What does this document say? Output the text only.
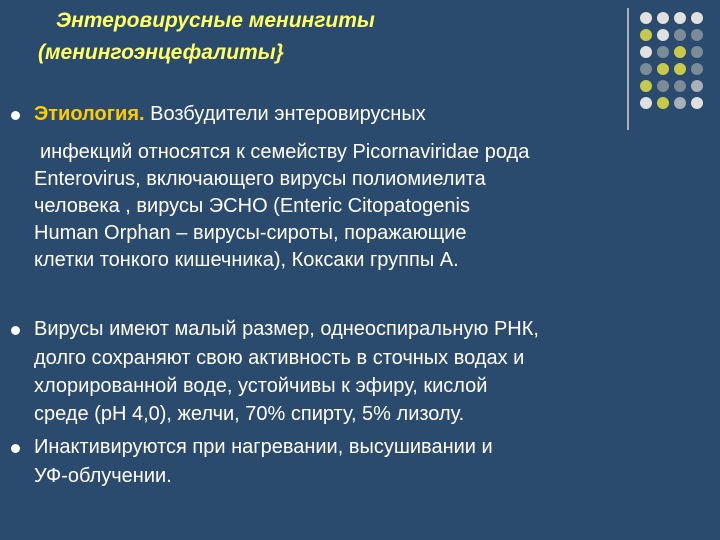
Энтеровирусные менингиты
(менингоэнцефалиты}
Этиология. Возбудители энтеровирусных
инфекций относятся к семейству Picornaviridae рода
Enterovirus, включающего вирусы полиомиелита
человека , вирусы ЭСНО (Enteric Citopatogenis
Human Orphan – вирусы-сироты, поражающие
клетки тонкого кишечника), Коксаки группы А.
Вирусы имеют малый размер, однеоспиральную РНК,
долго сохраняют свою активность в сточных водах и
хлорированной воде, устойчивы к эфиру, кислой
среде (рН 4,0), желчи, 70% спирту, 5% лизолу.
Инактивируются при нагревании, высушивании и
УФ-облучении.
